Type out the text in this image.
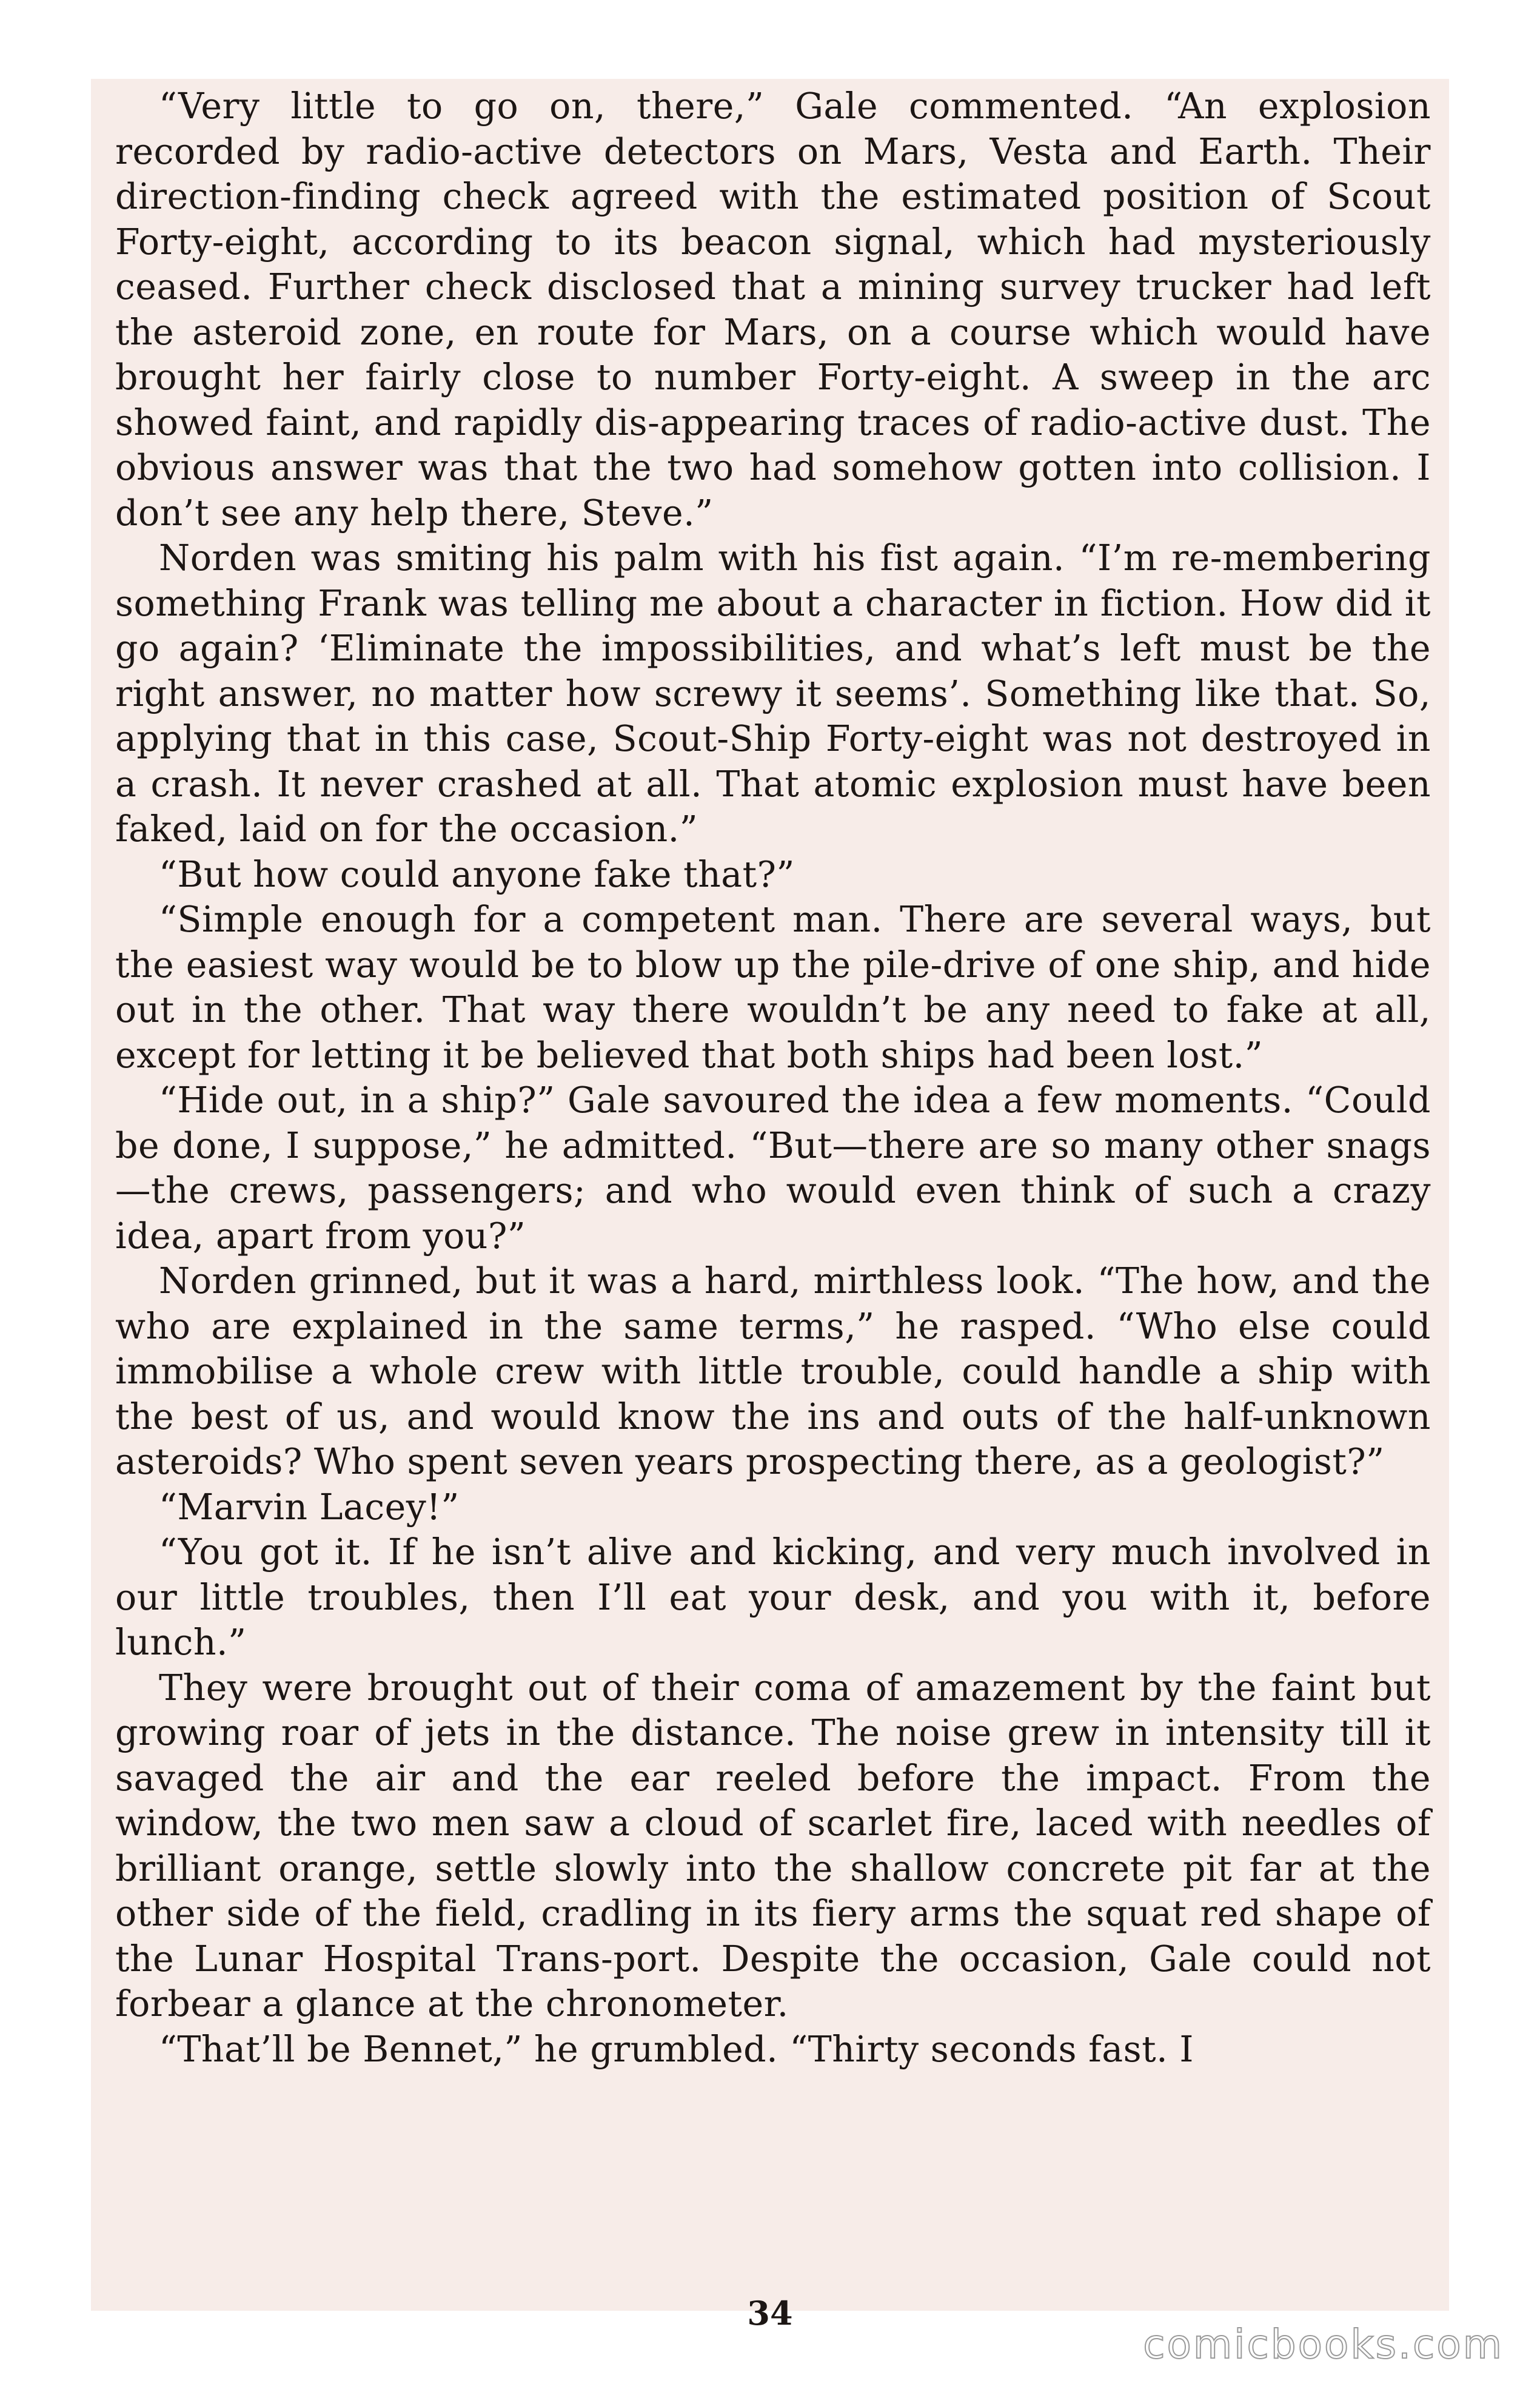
“Very little to go on, there,” Gale commented. “An explosion recorded by radio-active detectors on Mars, Vesta and Earth. Their direction-finding check agreed with the estimated position of Scout Forty-eight, according to its beacon signal, which had mysteriously ceased. Further check disclosed that a mining survey trucker had left the asteroid zone, en route for Mars, on a course which would have brought her fairly close to number Forty-eight. A sweep in the arc showed faint, and rapidly dis-appearing traces of radio-active dust. The obvious answer was that the two had somehow gotten into collision. I don’t see any help there, Steve.”

Norden was smiting his palm with his fist again. “I’m re-membering something Frank was telling me about a character in fiction. How did it go again? ‘Eliminate the impossibilities, and what’s left must be the right answer, no matter how screwy it seems’. Something like that. So, applying that in this case, Scout-Ship Forty-eight was not destroyed in a crash. It never crashed at all. That atomic explosion must have been faked, laid on for the occasion.”

“But how could anyone fake that?”

“Simple enough for a competent man. There are several ways, but the easiest way would be to blow up the pile-drive of one ship, and hide out in the other. That way there wouldn’t be any need to fake at all, except for letting it be believed that both ships had been lost.”

“Hide out, in a ship?” Gale savoured the idea a few moments. “Could be done, I suppose,” he admitted. “But—there are so many other snags—the crews, passengers; and who would even think of such a crazy idea, apart from you?”

Norden grinned, but it was a hard, mirthless look. “The how, and the who are explained in the same terms,” he rasped. “Who else could immobilise a whole crew with little trouble, could handle a ship with the best of us, and would know the ins and outs of the half-unknown asteroids? Who spent seven years prospecting there, as a geologist?”

“Marvin Lacey!”

“You got it. If he isn’t alive and kicking, and very much involved in our little troubles, then I’ll eat your desk, and you with it, before lunch.”

They were brought out of their coma of amazement by the faint but growing roar of jets in the distance. The noise grew in intensity till it savaged the air and the ear reeled before the impact. From the window, the two men saw a cloud of scarlet fire, laced with needles of brilliant orange, settle slowly into the shallow concrete pit far at the other side of the field, cradling in its fiery arms the squat red shape of the Lunar Hospital Trans-port. Despite the occasion, Gale could not forbear a glance at the chronometer.

“That’ll be Bennet,” he grumbled. “Thirty seconds fast. I

34
comicbooks.com
